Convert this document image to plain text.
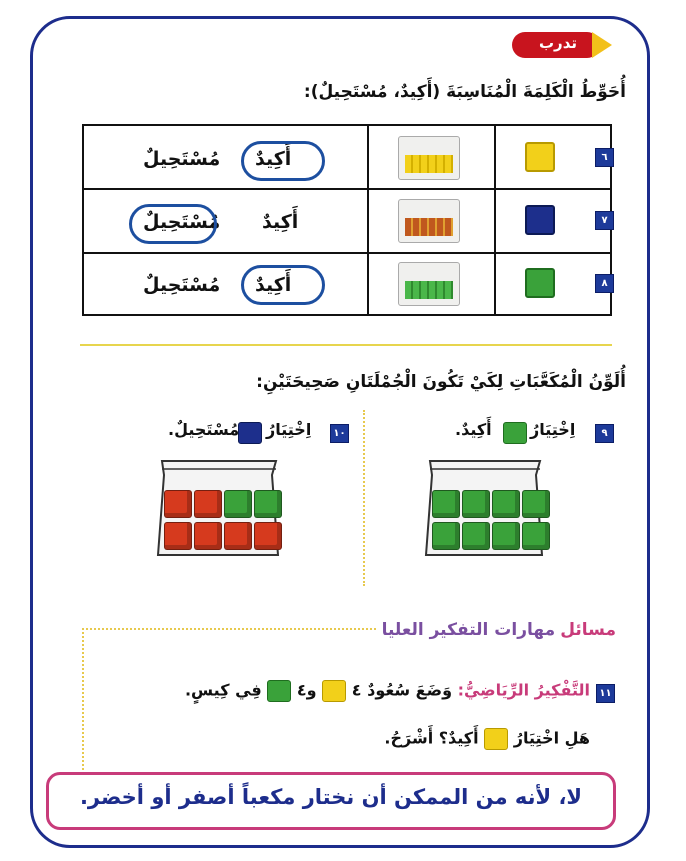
تدرب
أُحَوِّطُ الْكَلِمَةَ الْمُنَاسِبَةَ (أَكِيدٌ، مُسْتَحِيلٌ):
٦
٧
٨
أَكِيدٌ
مُسْتَحِيلٌ
أَكِيدٌ
مُسْتَحِيلٌ
أَكِيدٌ
مُسْتَحِيلٌ
أُلَوِّنُ الْمُكَعَّبَاتِ لِكَيْ تَكُونَ الْجُمْلَتَانِ صَحِيحَتَيْنِ:
٩
اِخْتِيَارُ
أَكِيدٌ.
١٠
اِخْتِيَارُ
مُسْتَحِيلٌ.
مسائل مهارات التفكير العليا
١١
التَّفْكِيرُ الرِّيَاضِيُّ: وَضَعَ سُعُودٌ ٤  و٤  فِي كِيسٍ.
هَلِ اخْتِيَارُ  أَكِيدٌ؟ أَشْرَحُ.
لا، لأنه من الممكن أن نختار مكعباً أصفر أو أخضر.
